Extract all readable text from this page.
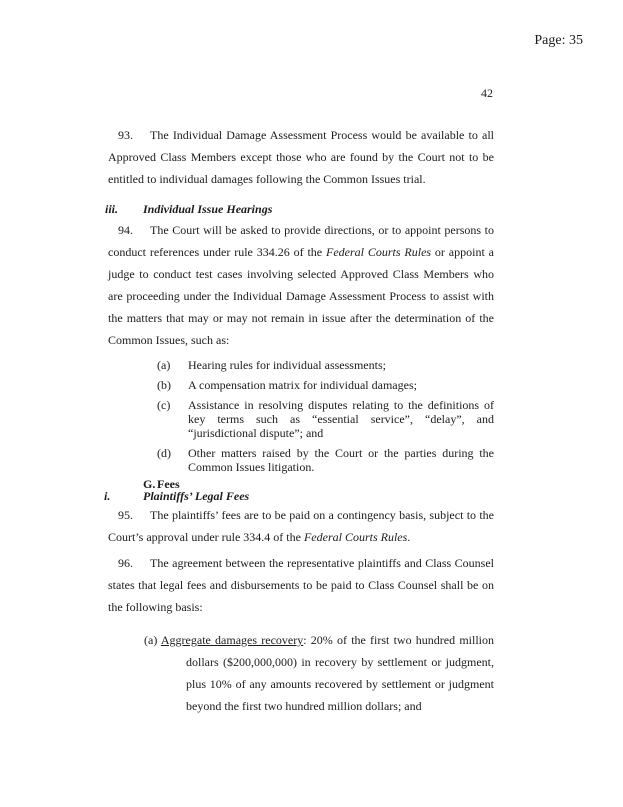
Page: 35
42

93. The Individual Damage Assessment Process would be available to all Approved Class Members except those who are found by the Court not to be entitled to individual damages following the Common Issues trial.

iii. Individual Issue Hearings

94. The Court will be asked to provide directions, or to appoint persons to conduct references under rule 334.26 of the Federal Courts Rules or appoint a judge to conduct test cases involving selected Approved Class Members who are proceeding under the Individual Damage Assessment Process to assist with the matters that may or may not remain in issue after the determination of the Common Issues, such as:

(a) Hearing rules for individual assessments;
(b) A compensation matrix for individual damages;
(c) Assistance in resolving disputes relating to the definitions of key terms such as “essential service”, “delay”, and “jurisdictional dispute”; and
(d) Other matters raised by the Court or the parties during the Common Issues litigation.
G. Fees
i.	Plaintiffs’ Legal Fees

95. The plaintiffs’ fees are to be paid on a contingency basis, subject to the Court’s approval under rule 334.4 of the Federal Courts Rules.

96. The agreement between the representative plaintiffs and Class Counsel states that legal fees and disbursements to be paid to Class Counsel shall be on the following basis:

(a) Aggregate damages recovery: 20% of the first two hundred million dollars ($200,000,000) in recovery by settlement or judgment, plus 10% of any amounts recovered by settlement or judgment beyond the first two hundred million dollars; and
